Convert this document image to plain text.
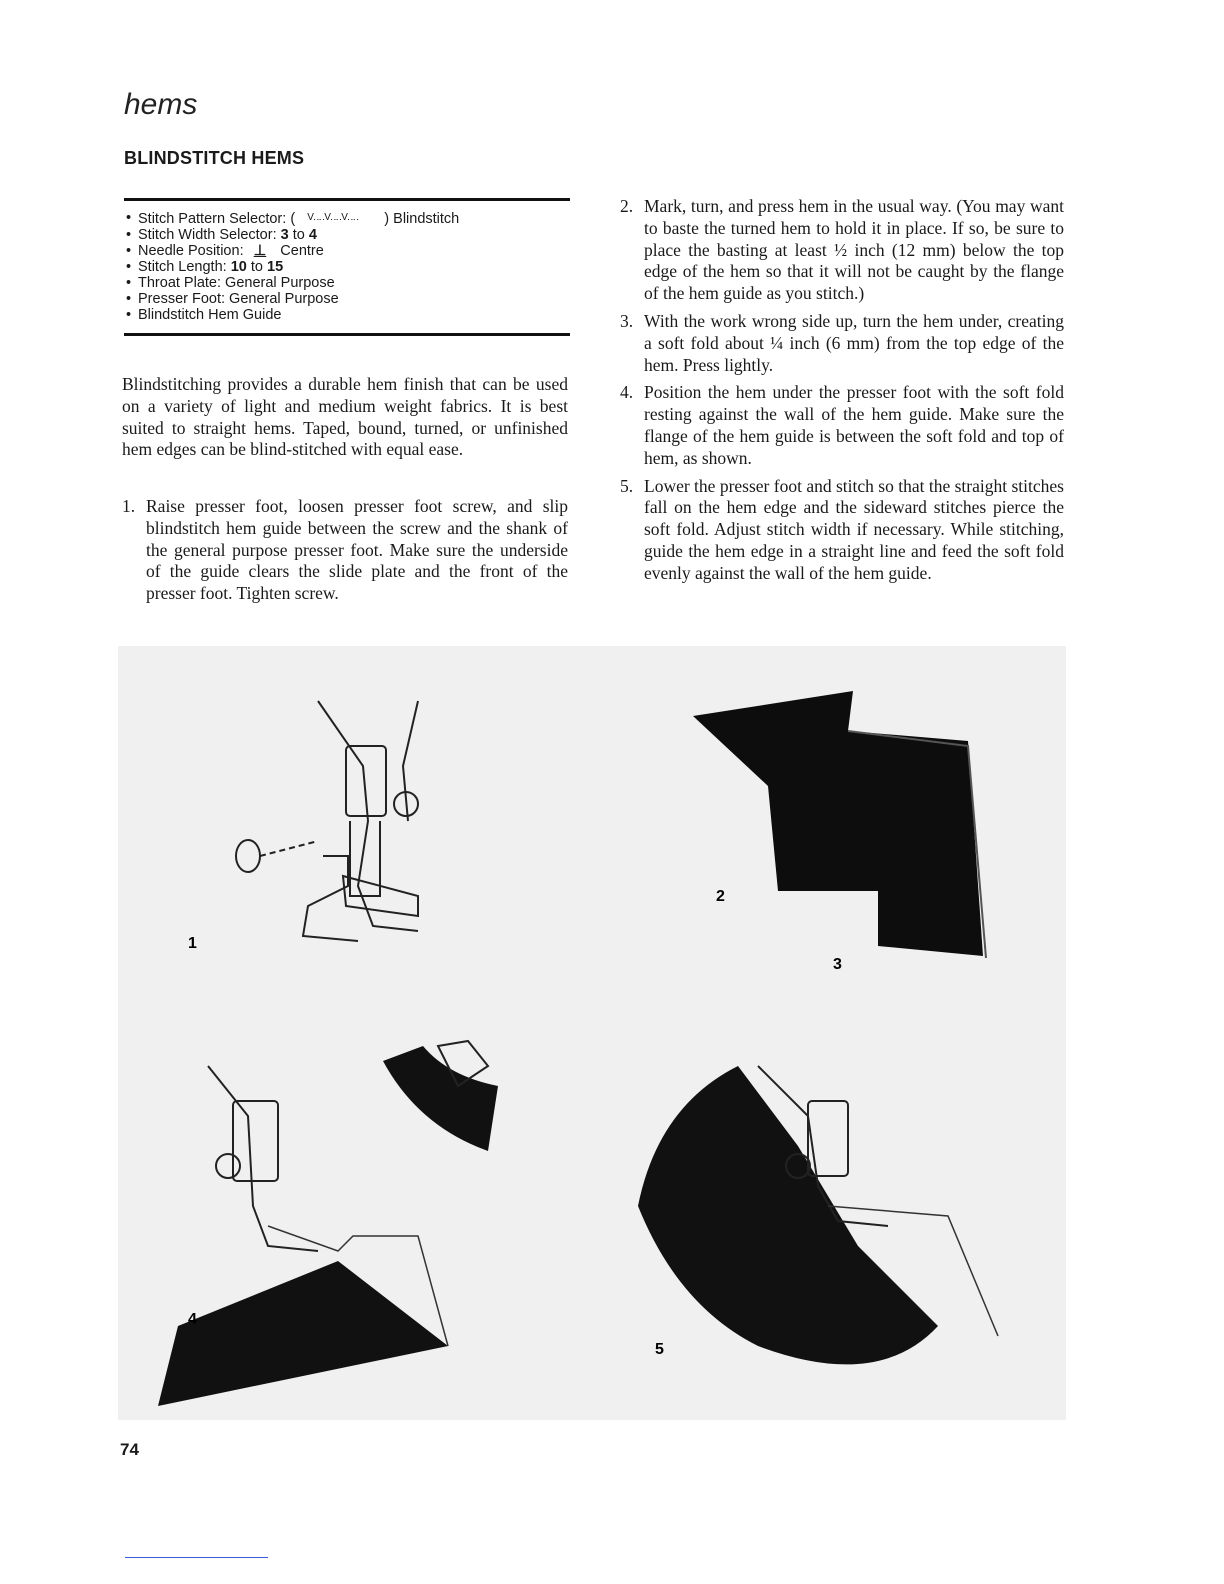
hems
BLINDSTITCH HEMS
• Stitch Pattern Selector: ( $^{V‥‥V‥‥V‥‥}$ ) Blindstitch
• Stitch Width Selector: 3 to 4
• Needle Position: ⊥ Centre
• Stitch Length: 10 to 15
• Throat Plate: General Purpose
• Presser Foot: General Purpose
• Blindstitch Hem Guide

Blindstitching provides a durable hem finish that can be used on a variety of light and medium weight fabrics. It is best suited to straight hems. Taped, bound, turned, or unfinished hem edges can be blind-stitched with equal ease.

1. Raise presser foot, loosen presser foot screw, and slip blindstitch hem guide between the screw and the shank of the general purpose presser foot. Make sure the underside of the guide clears the slide plate and the front of the presser foot. Tighten screw.
2. Mark, turn, and press hem in the usual way. (You may want to baste the turned hem to hold it in place. If so, be sure to place the basting at least ½ inch (12 mm) below the top edge of the hem so that it will not be caught by the flange of the hem guide as you stitch.)
3. With the work wrong side up, turn the hem under, creating a soft fold about ¼ inch (6 mm) from the top edge of the hem. Press lightly.
4. Position the hem under the presser foot with the soft fold resting against the wall of the hem guide. Make sure the flange of the hem guide is between the soft fold and top of hem, as shown.
5. Lower the presser foot and stitch so that the straight stitches fall on the hem edge and the sideward stitches pierce the soft fold. Adjust stitch width if necessary. While stitching, guide the hem edge in a straight line and feed the soft fold evenly against the wall of the hem guide.
1
2
3
4
5
74
